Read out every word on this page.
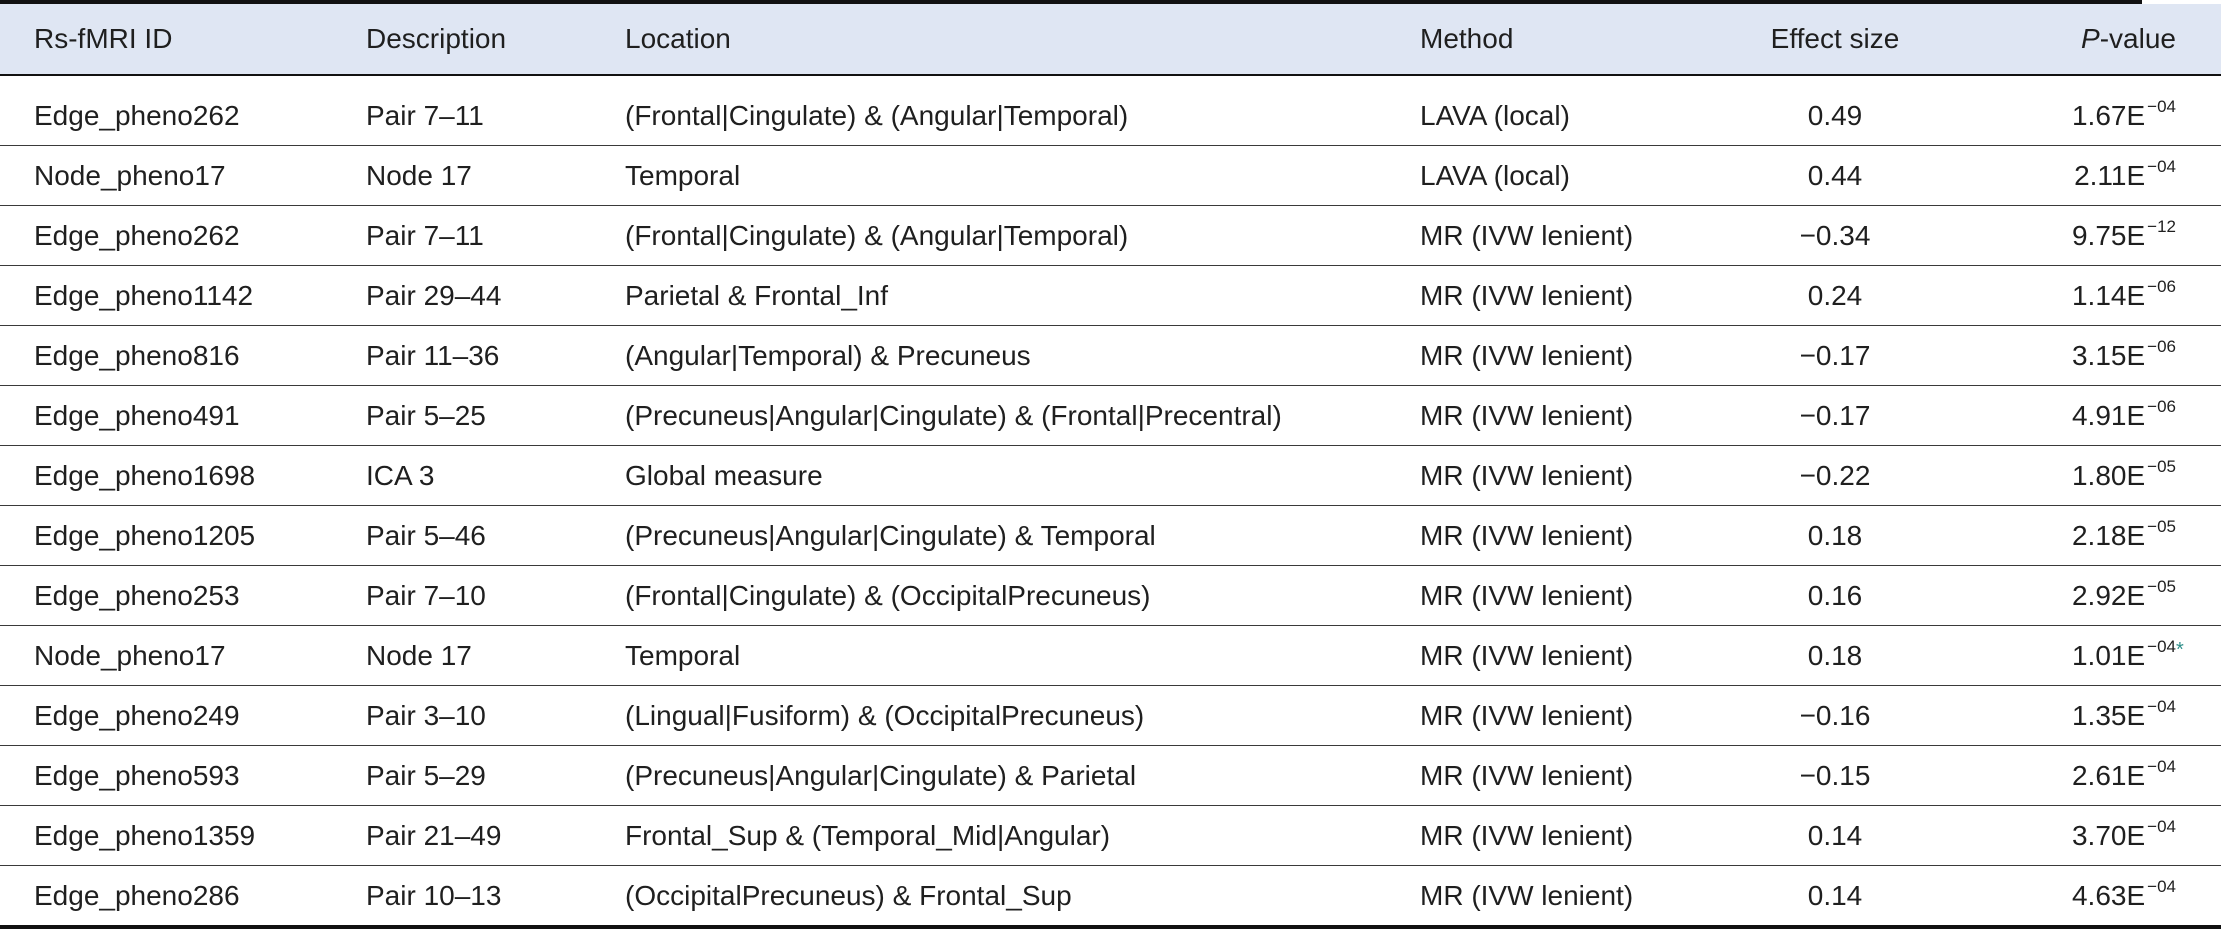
Rs-fMRI ID	Description	Location	Method	Effect size	P-value

Edge_pheno262	Pair 7–11	(Frontal|Cingulate) & (Angular|Temporal)	LAVA (local)	0.49	1.67E $^{-04}$
Node_pheno17	Node 17	Temporal	LAVA (local)	0.44	2.11E $^{-04}$
Edge_pheno262	Pair 7–11	(Frontal|Cingulate) & (Angular|Temporal)	MR (IVW lenient)	−0.34	9.75E $^{-12}$
Edge_pheno1142	Pair 29–44	Parietal & Frontal_Inf	MR (IVW lenient)	0.24	1.14E $^{-06}$
Edge_pheno816	Pair 11–36	(Angular|Temporal) & Precuneus	MR (IVW lenient)	−0.17	3.15E $^{-06}$
Edge_pheno491	Pair 5–25	(Precuneus|Angular|Cingulate) & (Frontal|Precentral)	MR (IVW lenient)	−0.17	4.91E $^{-06}$
Edge_pheno1698	ICA 3	Global measure	MR (IVW lenient)	−0.22	1.80E $^{-05}$
Edge_pheno1205	Pair 5–46	(Precuneus|Angular|Cingulate) & Temporal	MR (IVW lenient)	0.18	2.18E $^{-05}$
Edge_pheno253	Pair 7–10	(Frontal|Cingulate) & (OccipitalPrecuneus)	MR (IVW lenient)	0.16	2.92E $^{-05}$
Node_pheno17	Node 17	Temporal	MR (IVW lenient)	0.18	1.01E $^{-04*}$
Edge_pheno249	Pair 3–10	(Lingual|Fusiform) & (OccipitalPrecuneus)	MR (IVW lenient)	−0.16	1.35E $^{-04}$
Edge_pheno593	Pair 5–29	(Precuneus|Angular|Cingulate) & Parietal	MR (IVW lenient)	−0.15	2.61E $^{-04}$
Edge_pheno1359	Pair 21–49	Frontal_Sup & (Temporal_Mid|Angular)	MR (IVW lenient)	0.14	3.70E $^{-04}$
Edge_pheno286	Pair 10–13	(OccipitalPrecuneus) & Frontal_Sup	MR (IVW lenient)	0.14	4.63E $^{-04}$
